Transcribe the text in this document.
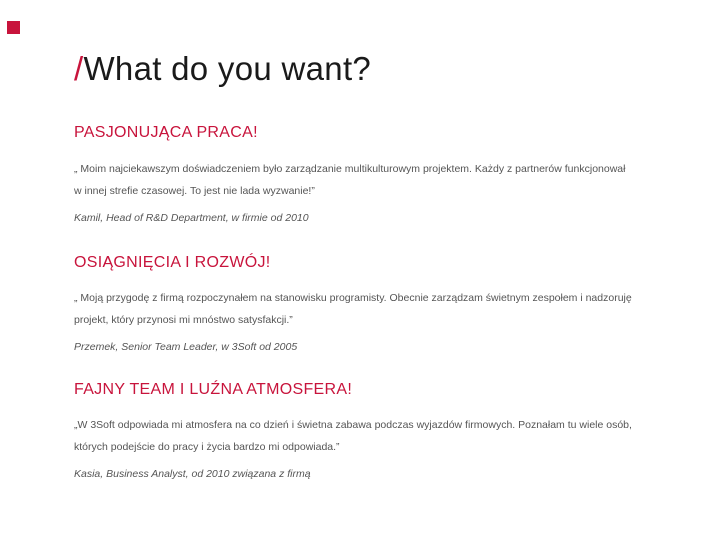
/What do you want?
PASJONUJĄCA PRACA!

„ Moim najciekawszym doświadczeniem było zarządzanie multikulturowym projektem. Każdy z partnerów funkcjonował w innej strefie czasowej. To jest nie lada wyzwanie!”

Kamil, Head of R&D Department, w firmie od 2010

OSIĄGNIĘCIA I ROZWÓJ!

„ Moją przygodę z firmą rozpoczynałem na stanowisku programisty. Obecnie zarządzam świetnym zespołem i nadzoruję projekt, który przynosi mi mnóstwo satysfakcji.”

Przemek, Senior Team Leader, w 3Soft od 2005

FAJNY TEAM I LUŹNA ATMOSFERA!

„W 3Soft odpowiada mi atmosfera na co dzień i świetna zabawa podczas wyjazdów firmowych. Poznałam tu wiele osób, których podejście do pracy i życia bardzo mi odpowiada.”

Kasia, Business Analyst, od 2010 związana z firmą
